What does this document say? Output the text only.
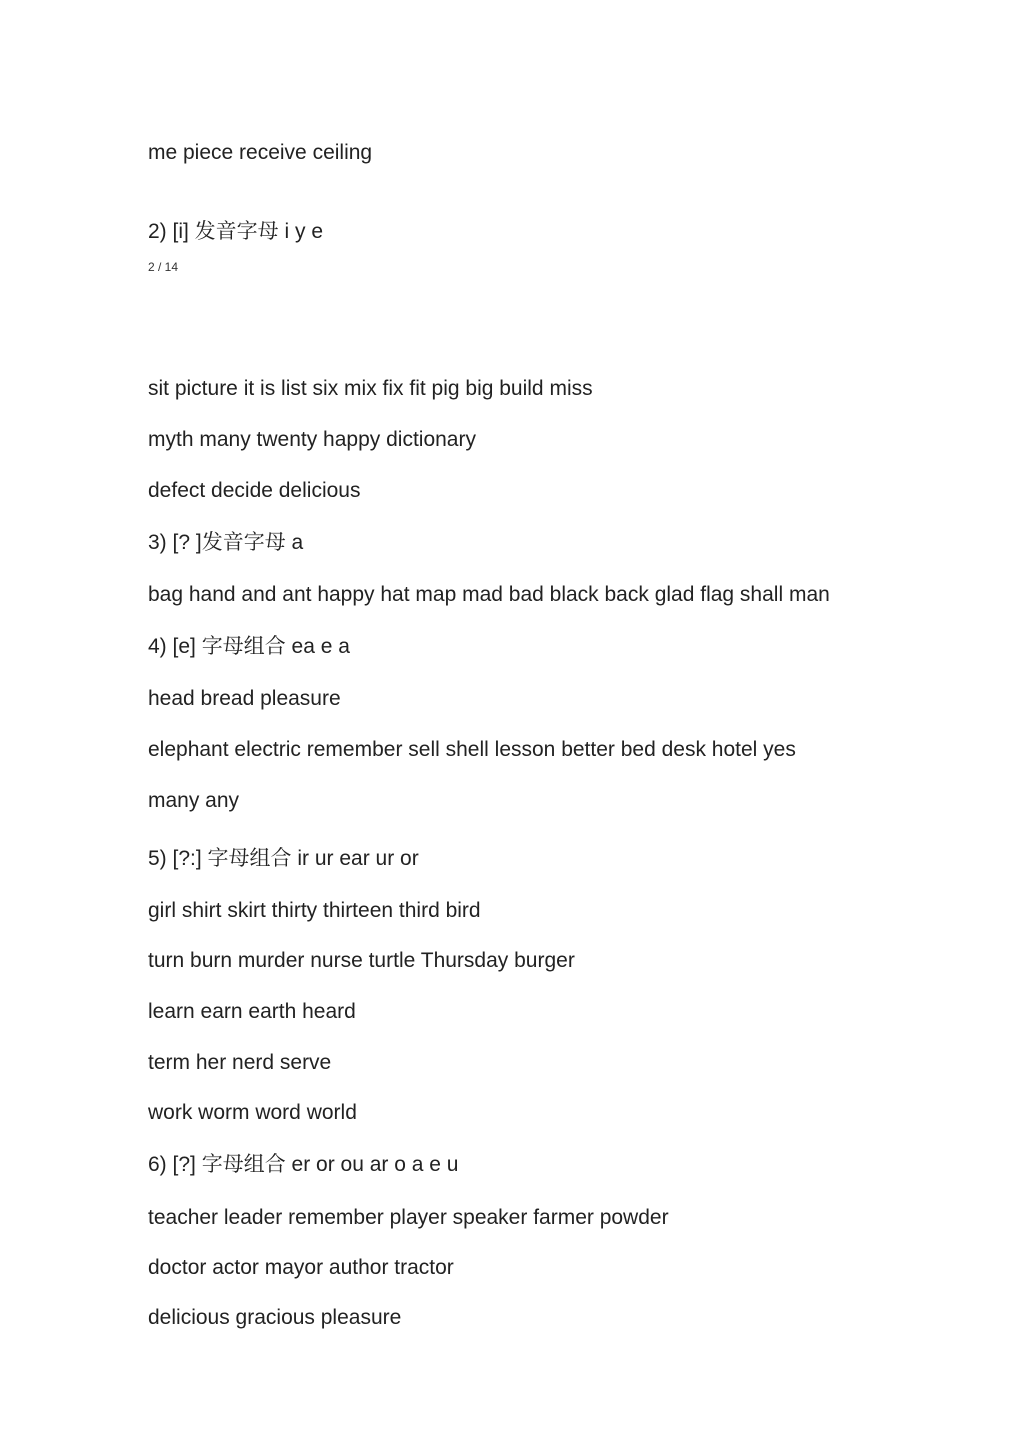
me piece receive ceiling
2) [i] 发音字母 i y e
2 / 14
sit picture it is list six mix fix fit pig big build miss
myth many twenty happy dictionary
defect decide delicious
3) [? ]发音字母 a
bag hand and ant happy hat map mad bad black back glad flag shall man
4) [e] 字母组合 ea e a
head bread pleasure
elephant electric remember sell shell lesson better bed desk hotel yes
many any
5) [?:] 字母组合 ir ur ear ur or
girl shirt skirt thirty thirteen third bird
turn burn murder nurse turtle Thursday burger
learn earn earth heard
term her nerd serve
work worm word world
6) [?] 字母组合 er or ou ar o a e u
teacher leader remember player speaker farmer powder
doctor actor mayor author tractor
delicious gracious pleasure
